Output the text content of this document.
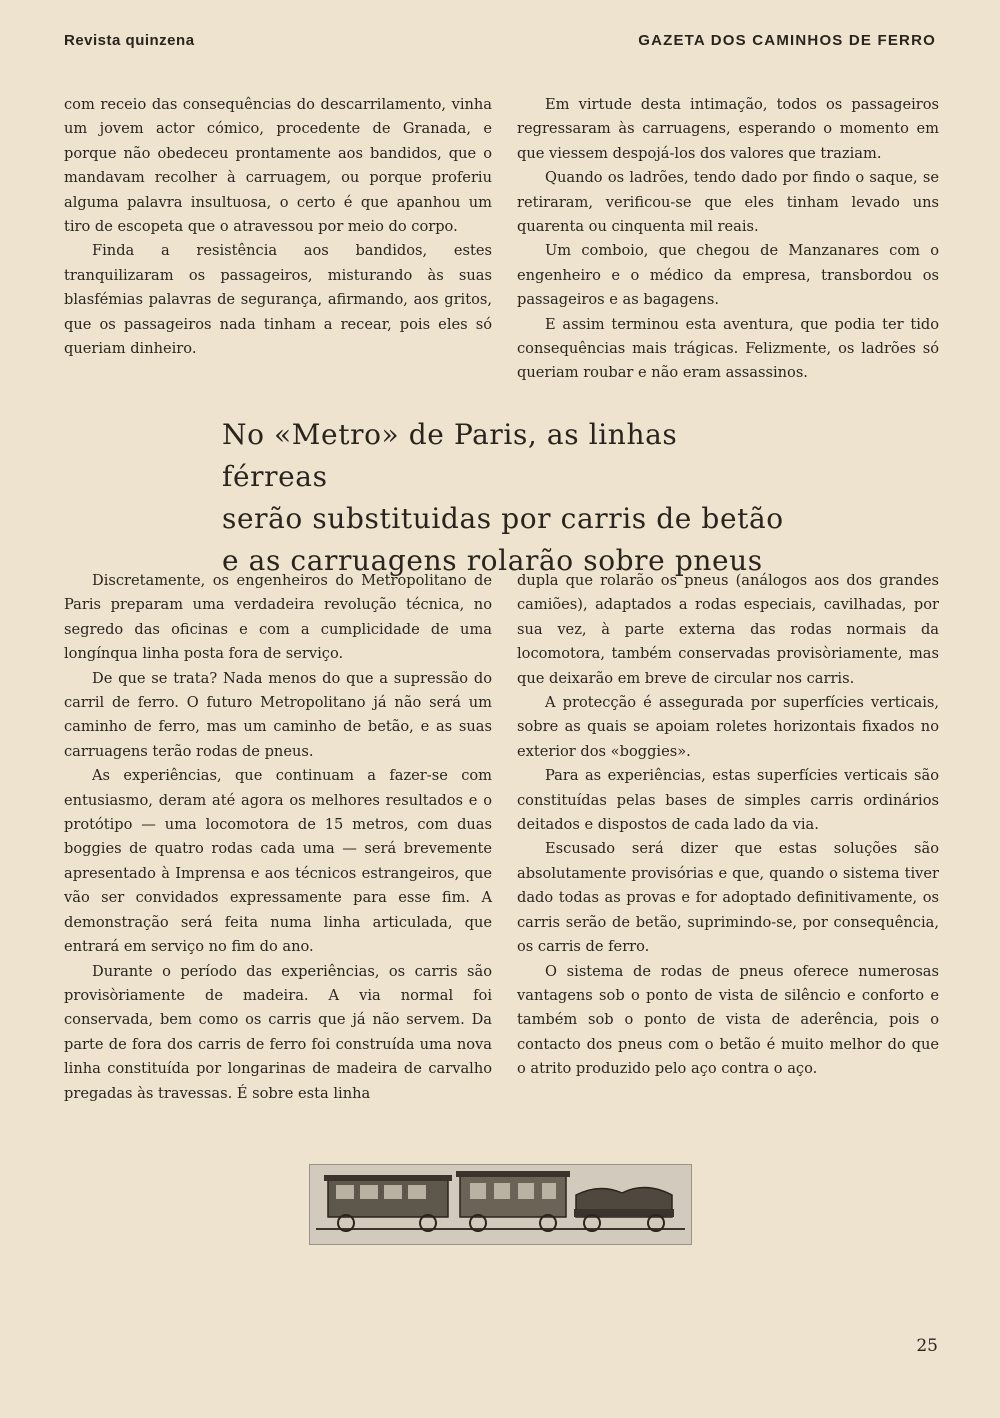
Revista quinzena	GAZETA DOS CAMINHOS DE FERRO

com receio das consequências do descarrilamento, vinha um jovem actor cómico, procedente de Granada, e porque não obedeceu prontamente aos bandidos, que o mandavam recolher à carruagem, ou porque proferiu alguma palavra insultuosa, o certo é que apanhou um tiro de escopeta que o atravessou por meio do corpo.

Finda a resistência aos bandidos, estes tranquilizaram os passageiros, misturando às suas blasfémias palavras de segurança, afirmando, aos gritos, que os passageiros nada tinham a recear, pois eles só queriam dinheiro.

Em virtude desta intimação, todos os passageiros regressaram às carruagens, esperando o momento em que viessem despojá-los dos valores que traziam.

Quando os ladrões, tendo dado por findo o saque, se retiraram, verificou-se que eles tinham levado uns quarenta ou cinquenta mil reais.

Um comboio, que chegou de Manzanares com o engenheiro e o médico da empresa, transbordou os passageiros e as bagagens.

E assim terminou esta aventura, que podia ter tido consequências mais trágicas. Felizmente, os ladrões só queriam roubar e não eram assassinos.

No «Metro» de Paris, as linhas férreas
serão substituidas por carris de betão
e as carruagens rolarão sobre pneus

Discretamente, os engenheiros do Metropolitano de Paris preparam uma verdadeira revolução técnica, no segredo das oficinas e com a cumplicidade de uma longínqua linha posta fora de serviço.

De que se trata? Nada menos do que a supressão do carril de ferro. O futuro Metropolitano já não será um caminho de ferro, mas um caminho de betão, e as suas carruagens terão rodas de pneus.

As experiências, que continuam a fazer-se com entusiasmo, deram até agora os melhores resultados e o protótipo — uma locomotora de 15 metros, com duas boggies de quatro rodas cada uma — será brevemente apresentado à Imprensa e aos técnicos estrangeiros, que vão ser convidados expressamente para esse fim. A demonstração será feita numa linha articulada, que entrará em serviço no fim do ano.

Durante o período das experiências, os carris são provisòriamente de madeira. A via normal foi conservada, bem como os carris que já não servem. Da parte de fora dos carris de ferro foi construída uma nova linha constituída por longarinas de madeira de carvalho pregadas às travessas. É sobre esta linha

dupla que rolarão os pneus (análogos aos dos grandes camiões), adaptados a rodas especiais, cavilhadas, por sua vez, à parte externa das rodas normais da locomotora, também conservadas provisòriamente, mas que deixarão em breve de circular nos carris.

A protecção é assegurada por superfícies verticais, sobre as quais se apoiam roletes horizontais fixados no exterior dos «boggies».

Para as experiências, estas superfícies verticais são constituídas pelas bases de simples carris ordinários deitados e dispostos de cada lado da via.

Escusado será dizer que estas soluções são absolutamente provisórias e que, quando o sistema tiver dado todas as provas e for adoptado definitivamente, os carris serão de betão, suprimindo-se, por consequência, os carris de ferro.

O sistema de rodas de pneus oferece numerosas vantagens sob o ponto de vista de silêncio e conforto e também sob o ponto de vista de aderência, pois o contacto dos pneus com o betão é muito melhor do que o atrito produzido pelo aço contra o aço.

25
